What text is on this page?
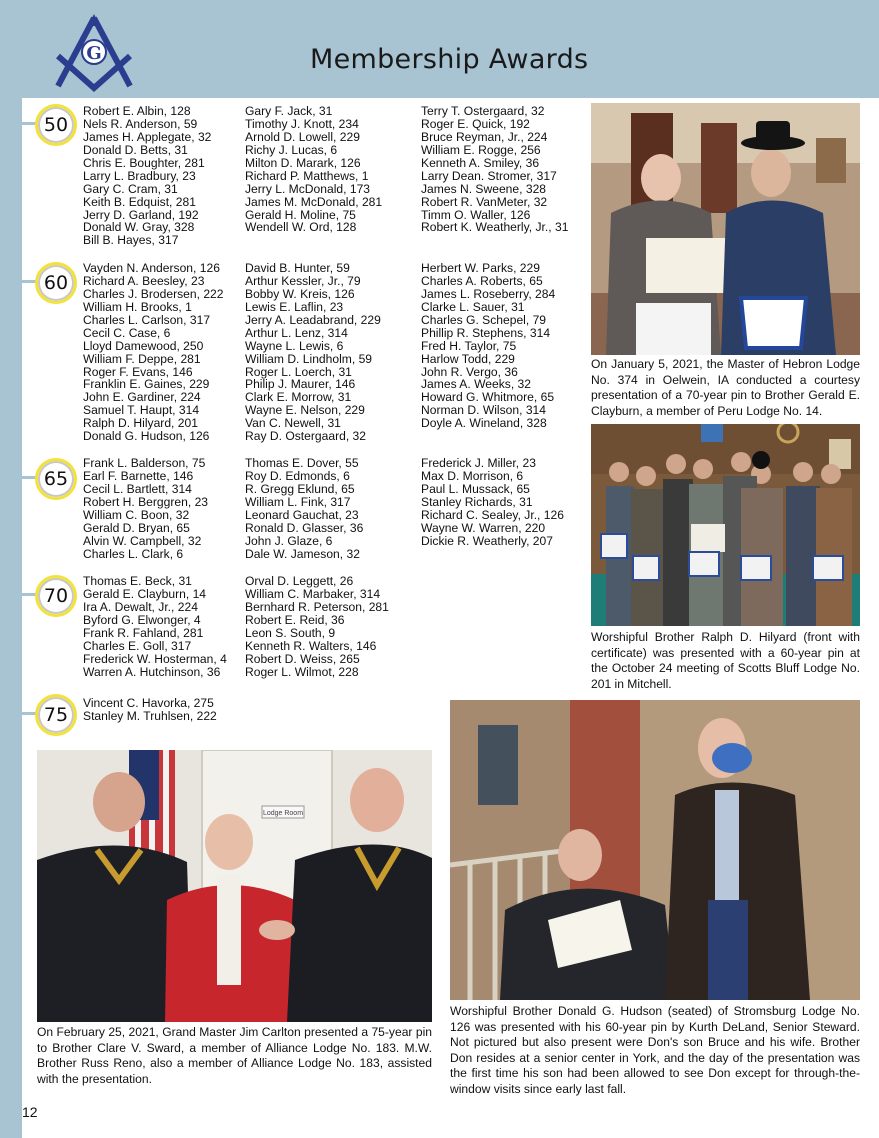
G	Membership Awards
50
Robert E. Albin, 128
Nels R. Anderson, 59
James H. Applegate, 32
Donald D. Betts, 31
Chris E. Boughter, 281
Larry L. Bradbury, 23
Gary C. Cram, 31
Keith B. Edquist, 281
Jerry D. Garland, 192
Donald W. Gray, 328
Bill B. Hayes, 317
Gary F. Jack, 31
Timothy J. Knott, 234
Arnold D. Lowell, 229
Richy J. Lucas, 6
Milton D. Marark, 126
Richard P. Matthews, 1
Jerry L. McDonald, 173
James M. McDonald, 281
Gerald H. Moline, 75
Wendell W. Ord, 128
Terry T. Ostergaard, 32
Roger E. Quick, 192
Bruce Reyman, Jr., 224
William E. Rogge, 256
Kenneth A. Smiley, 36
Larry Dean. Stromer, 317
James N. Sweene, 328
Robert R. VanMeter, 32
Timm O. Waller, 126
Robert K. Weatherly, Jr., 31
60
Vayden N. Anderson, 126
Richard A. Beesley, 23
Charles J. Brodersen, 222
William H. Brooks, 1
Charles L. Carlson, 317
Cecil C. Case, 6
Lloyd Damewood, 250
William F. Deppe, 281
Roger F. Evans, 146
Franklin E. Gaines, 229
John E. Gardiner, 224
Samuel T. Haupt, 314
Ralph D. Hilyard, 201
Donald G. Hudson, 126
David B. Hunter, 59
Arthur Kessler, Jr., 79
Bobby W. Kreis, 126
Lewis E. Laflin, 23
Jerry A. Leadabrand, 229
Arthur L. Lenz, 314
Wayne L. Lewis, 6
William D. Lindholm, 59
Roger L. Loerch, 31
Philip J. Maurer, 146
Clark E. Morrow, 31
Wayne E. Nelson, 229
Van C. Newell, 31
Ray D. Ostergaard, 32
Herbert W. Parks, 229
Charles A. Roberts, 65
James L. Roseberry, 284
Clarke L. Sauer, 31
Charles G. Schepel, 79
Phillip R. Stephens, 314
Fred H. Taylor, 75
Harlow Todd, 229
John R. Vergo, 36
James A. Weeks, 32
Howard G. Whitmore, 65
Norman D. Wilson, 314
Doyle A. Wineland, 328
65
Frank L. Balderson, 75
Earl F. Barnette, 146
Cecil L. Bartlett, 314
Robert H. Berggren, 23
William C. Boon, 32
Gerald D. Bryan, 65
Alvin W. Campbell, 32
Charles L. Clark, 6
Thomas E. Dover, 55
Roy D. Edmonds, 6
R. Gregg Eklund, 65
William L. Fink, 317
Leonard Gauchat, 23
Ronald D. Glasser, 36
John J. Glaze, 6
Dale W. Jameson, 32
Frederick J. Miller, 23
Max D. Morrison, 6
Paul L. Mussack, 65
Stanley Richards, 31
Richard C. Sealey, Jr., 126
Wayne W. Warren, 220
Dickie R. Weatherly, 207
70
Thomas E. Beck, 31
Gerald E. Clayburn, 14
Ira A. Dewalt, Jr., 224
Byford G. Elwonger, 4
Frank R. Fahland, 281
Charles E. Goll, 317
Frederick W. Hosterman, 4
Warren A. Hutchinson, 36
Orval D. Leggett, 26
William C. Marbaker, 314
Bernhard R. Peterson, 281
Robert E. Reid, 36
Leon S. South, 9
Kenneth R. Walters, 146
Robert D. Weiss, 265
Roger L. Wilmot, 228
75
Vincent C. Havorka, 275
Stanley M. Truhlsen, 222
On January 5, 2021, the Master of Hebron Lodge No. 374 in Oelwein, IA conducted a courtesy presentation of a 70-year pin to Brother Gerald E. Clayburn, a member of Peru Lodge No. 14.
Worshipful Brother Ralph D. Hilyard (front with certificate) was presented with a 60-year pin at the October 24 meeting of Scotts Bluff Lodge No. 201 in Mitchell.
Lodge Room
On February 25, 2021, Grand Master Jim Carlton presented a 75-year pin to Brother Clare V. Sward, a member of Alliance Lodge No. 183. M.W. Brother Russ Reno, also a member of Alliance Lodge No. 183, assisted with the presentation.
Worshipful Brother Donald G. Hudson (seated) of Stromsburg Lodge No. 126 was presented with his 60-year pin by Kurth DeLand, Senior Steward. Not pictured but also present were Don's son Bruce and his wife. Brother Don resides at a senior center in York, and the day of the presentation was the first time his son had been allowed to see Don except for through-the-window visits since early last fall.
12
